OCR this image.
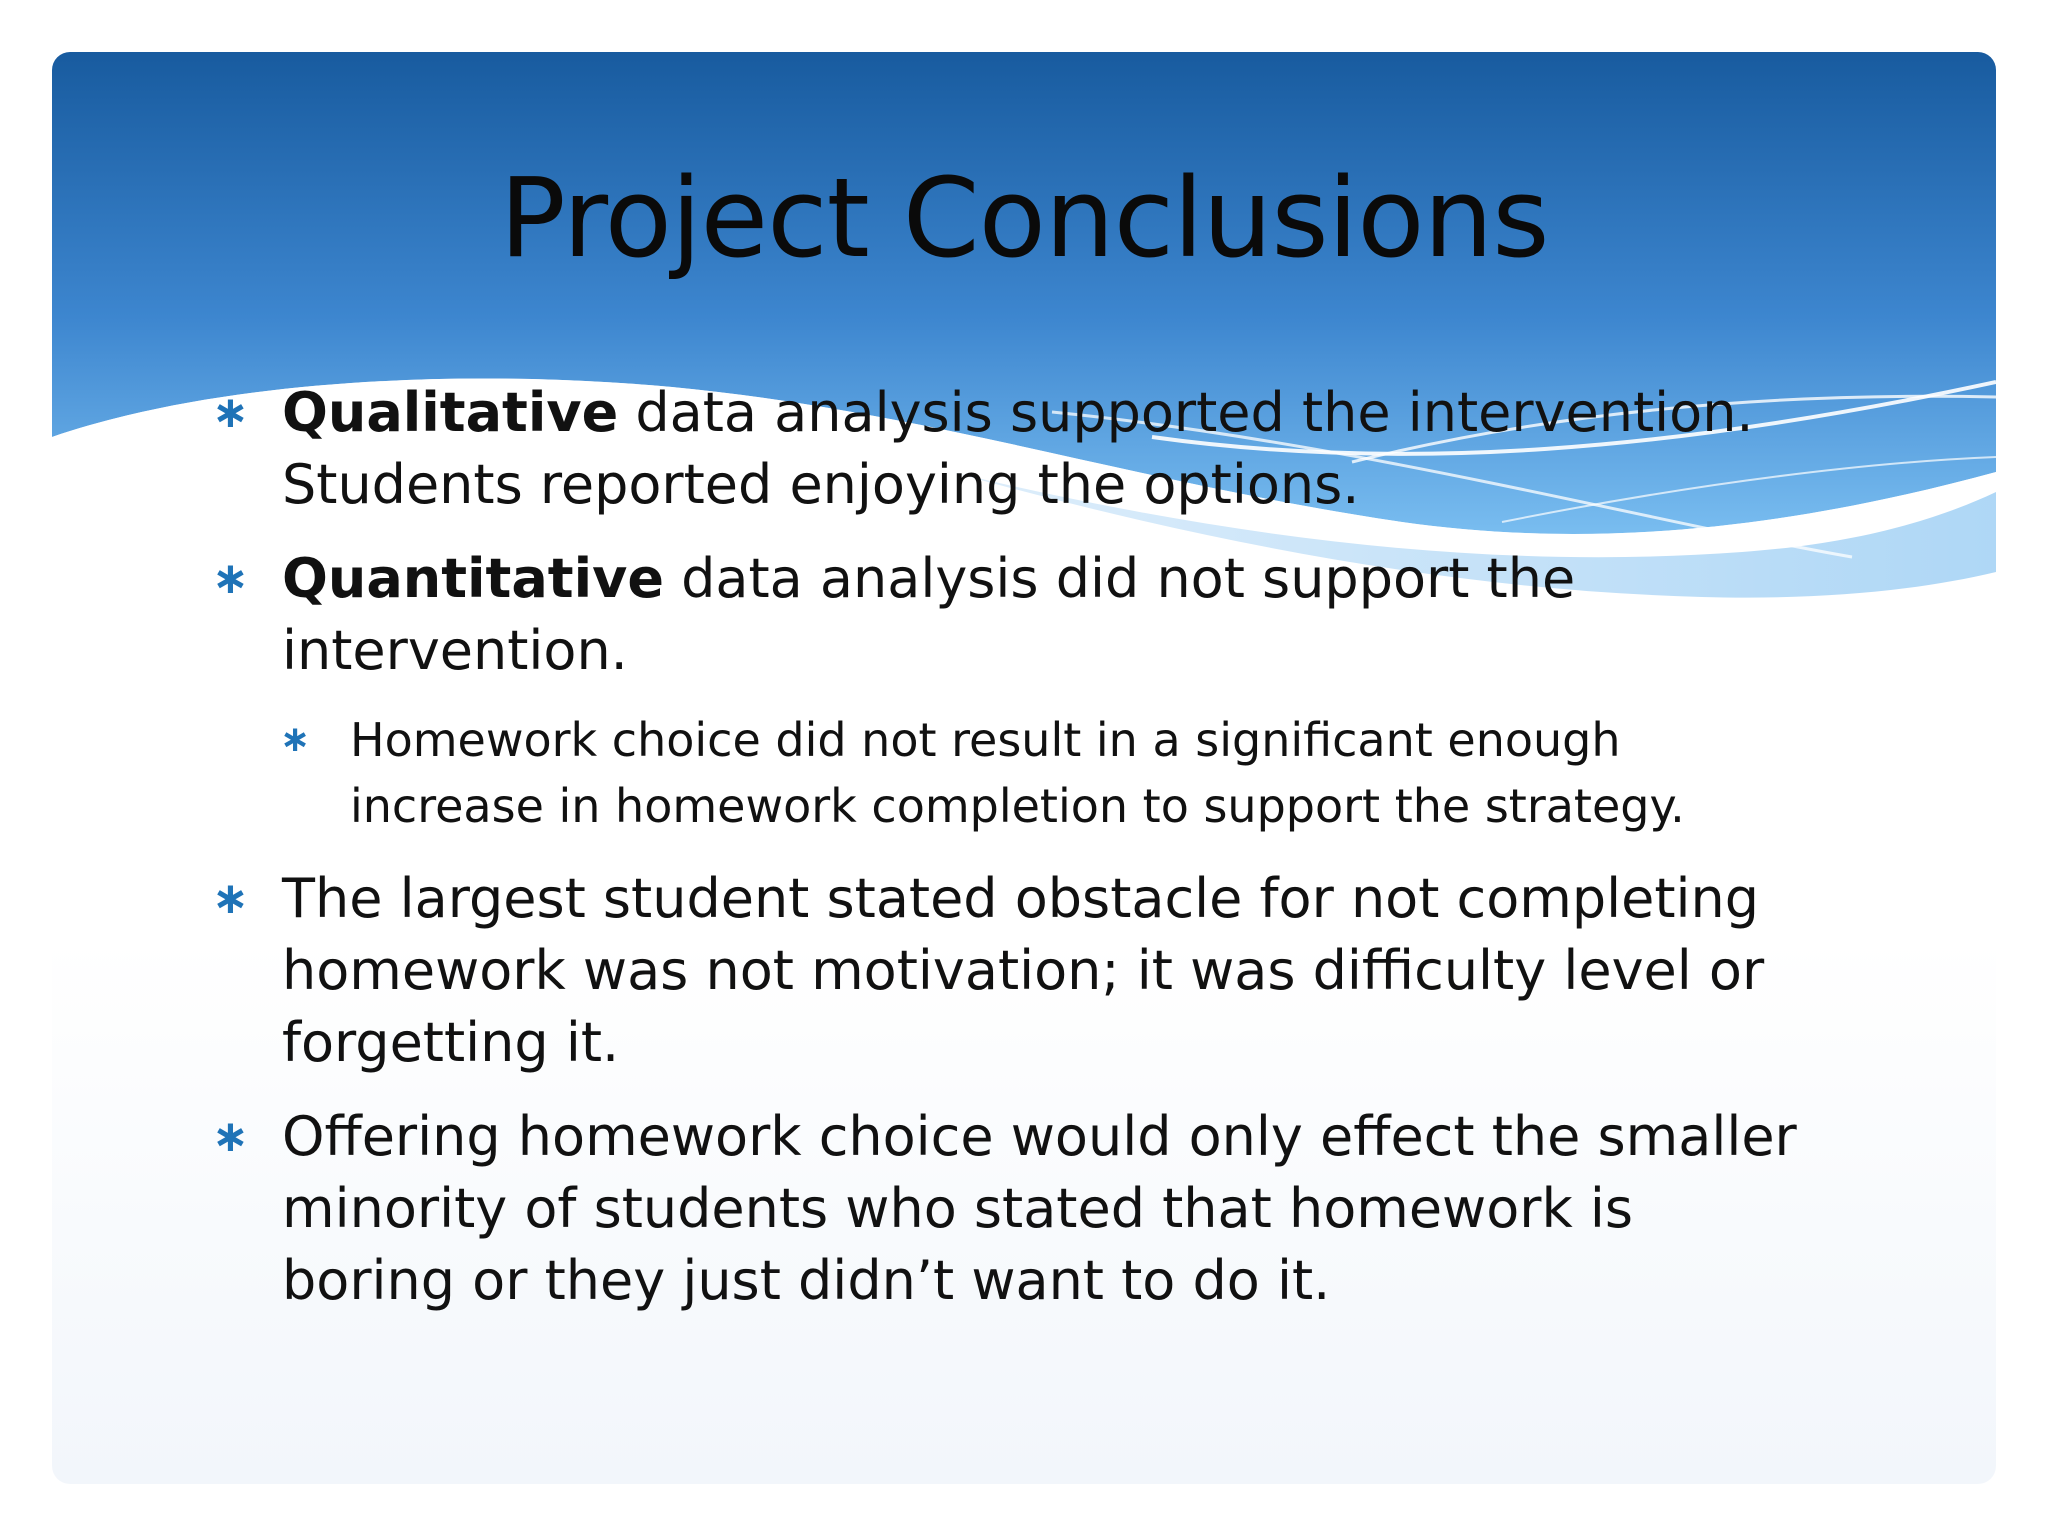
Project Conclusions
∗ Qualitative data analysis supported the intervention. Students reported enjoying the options.
∗ Quantitative data analysis did not support the intervention.
∗ Homework choice did not result in a significant enough increase in homework completion to support the strategy.
∗ The largest student stated obstacle for not completing homework was not motivation; it was difficulty level or forgetting it.
∗ Offering homework choice would only effect the smaller minority of students who stated that homework is boring or they just didn’t want to do it.
